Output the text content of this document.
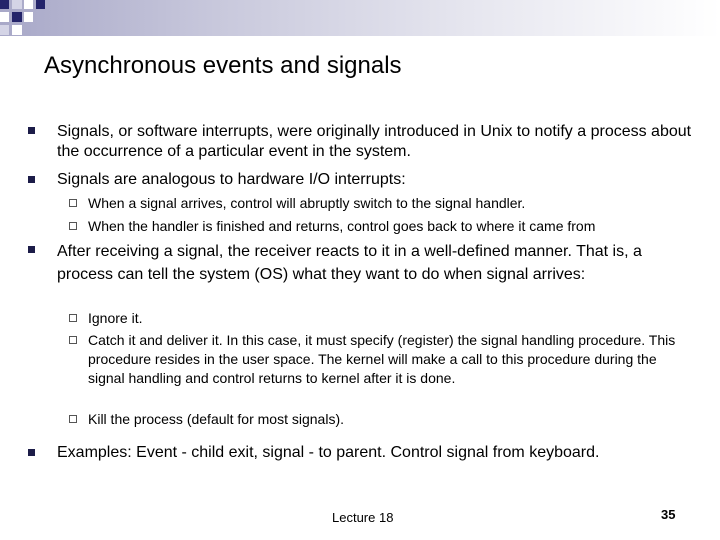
Asynchronous events and signals
Signals, or software interrupts, were originally introduced in Unix to notify a process about the occurrence of a particular event in the system.
Signals are analogous to hardware I/O interrupts:
When a signal arrives, control will abruptly switch to the signal handler.
When the handler is finished and returns, control goes back to where it came from
After receiving a signal, the receiver reacts to it in a well-defined manner. That is, a process can tell the system (OS) what they want to do when signal arrives:
Ignore it.
Catch it and deliver it. In this case, it must specify (register) the signal handling procedure. This procedure resides in the user space. The kernel will make a call to this procedure during the signal handling and control returns to kernel after it is done.
Kill the process (default for most signals).
Examples: Event - child exit, signal - to parent. Control signal from keyboard.
Lecture 18	35
